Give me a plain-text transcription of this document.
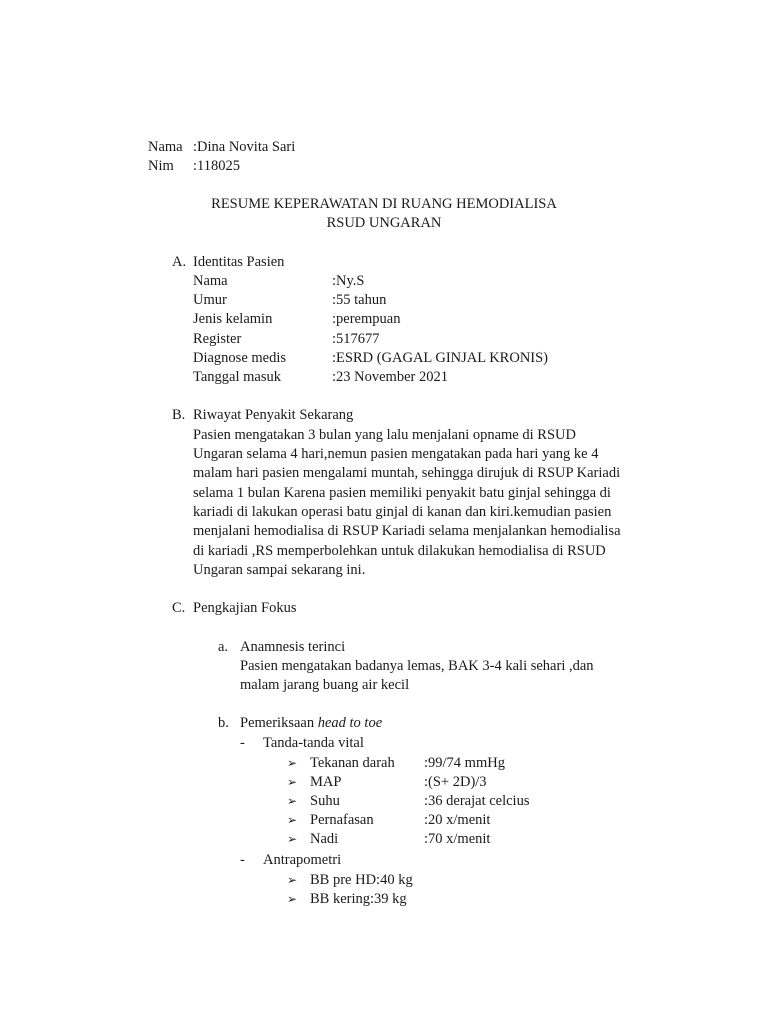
Nama :Dina Novita Sari
Nim :118025
RESUME KEPERAWATAN DI RUANG HEMODIALISA
RSUD UNGARAN
A. Identitas Pasien
Nama	:Ny.S
Umur	:55 tahun
Jenis kelamin	:perempuan
Register	:517677
Diagnose medis	:ESRD (GAGAL GINJAL KRONIS)
Tanggal masuk	:23 November 2021
B. Riwayat Penyakit Sekarang
Pasien mengatakan 3 bulan yang lalu menjalani opname di RSUD
Ungaran selama 4 hari,nemun pasien mengatakan pada hari yang ke 4
malam hari pasien mengalami muntah, sehingga dirujuk di RSUP Kariadi
selama 1 bulan Karena pasien memiliki penyakit batu ginjal sehingga di
kariadi di lakukan operasi batu ginjal di kanan dan kiri.kemudian pasien
menjalani hemodialisa di RSUP Kariadi selama menjalankan hemodialisa
di kariadi ,RS memperbolehkan untuk dilakukan hemodialisa di RSUD
Ungaran sampai sekarang ini.
C. Pengkajian Fokus
a. Anamnesis terinci
Pasien mengatakan badanya lemas, BAK 3-4 kali sehari ,dan
malam jarang buang air kecil
b. Pemeriksaan head to toe
- Tanda-tanda vital
➢ Tekanan darah :99/74 mmHg
➢ MAP	:(S+ 2D)/3
➢ Suhu	:36 derajat celcius
➢ Pernafasan	:20 x/menit
➢ Nadi	:70 x/menit
- Antrapometri
➢ BB pre HD:40 kg
➢ BB kering:39 kg
